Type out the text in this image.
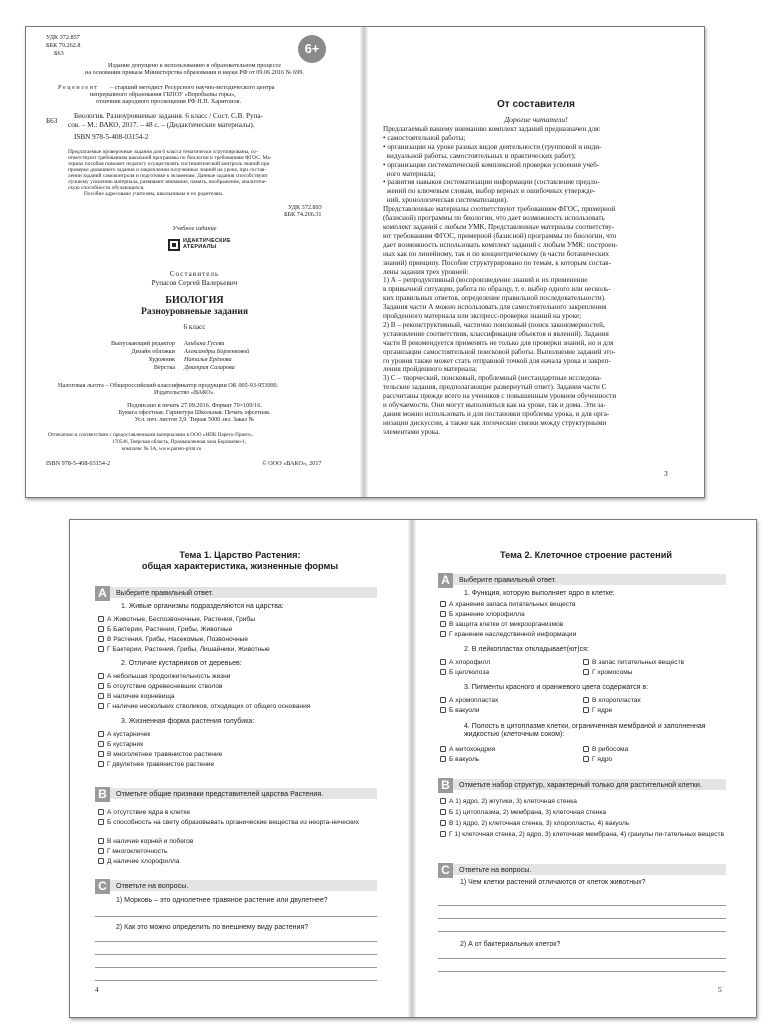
УДК 372.857
ББК 79.262.8
Б63	6+
Издание допущено к использованию в образовательном процессе
на основании приказа Министерства образования и науки РФ от 09.06.2016 № 699.
Р е ц е н з е н т – старший методист Ресурсного научно-методического центра
непрерывного образования ГБПОУ «Воробьевы горы»,
отличник народного просвещения РФ Н.П. Харитонов.
Б63
Биология. Разноуровневые задания. 6 класс / Сост. С.В. Рупа-
сов. – М.: ВАКО, 2017. – 48 с. – (Дидактические материалы).
ISBN 978-5-408-03154-2
Предлагаемые проверочные задания для 6 класса тематически сгруппированы, со-
ответствуют требованиям школьной программы по биологии и требованиям ФГОС. Ма-
териал пособия поможет педагогу осуществлять систематический контроль знаний при
проверке домашнего задания и закреплении полученных знаний на уроке, при состав-
лении заданий самоконтроля и подготовке к экзаменам. Данные задания способствуют
лучшему усвоению материала, развивают внимание, память, воображение, аналитиче-
скую способности обучающихся.
Пособие адресовано учителям, школьникам и их родителям.
УДК 372.893
ББК 74.266.31
Учебное издание
ИДАКТИЧЕСКИЕ
АТЕРИАЛЫ
Составитель
Рупасов Сергей Валерьевич
БИОЛОГИЯ
Разноуровневые задания
6 класс
Выпускающий редактор Альбина Гусева
Дизайн обложки Александры Борзенковой
Художник Наталья Ерёмова
Вёрстка Дмитрия Сазарова
Налоговая льгота – Общероссийский классификатор продукции ОК 005-93-953000.
Издательство «ВАКО»
Подписано в печать 27.09.2016. Формат 70×100/16.
Бумага офсетная. Гарнитура Школьная. Печать офсетная.
Усл. печ. листов 3,9. Тираж 5000 экз. Заказ №
Отпечатано в соответствии с предоставленными материалами в ООО «ИПК Парето-Принт».
170546, Тверская область, Промышленная зона Боровлево-1,
комплекс № 3А, www.pareto-print.ru
ISBN 978-5-408-03154-2	© ООО «ВАКО», 2017
От составителя
Дорогие читатели!
Предлагаемый вашему вниманию комплект заданий предназначен для:
• самостоятельной работы;
• организации на уроке разных видов деятельности (групповой и инди-
видуальной работы, самостоятельных и практических работ);
• организации систематической комплексной проверки усвоения учеб-
ного материала;
• развития навыков систематизации информации (составление предло-
жений по ключевым словам, выбор верных и ошибочных утвержде-
ний, хронологическая систематизация).
Представленные материалы соответствуют требованиям ФГОС, примерной
(базисной) программы по биологии, что дает возможность использовать
комплект заданий с любым УМК. Представленные материалы соответству-
ют требованиям ФГОС, примерной (базисной) программы по биологии, что
дает возможность использовать комплект заданий с любым УМК: построен-
ных как по линейному, так и по концентрическому (в части ботанических
знаний) принципу. Пособие структурировано по темам, к которым состав-
лены задания трех уровней:
1) А – репродуктивный (воспроизведение знаний и их применение
в привычной ситуации, работа по образцу, т. е. выбор одного или несколь-
ких правильных ответов, определение правильной последовательности).
Задания части А можно использовать для самостоятельного закрепления
пройденного материала или экспресс-проверки знаний на уроке;
2) В – реконструктивный, частично поисковый (поиск закономерностей,
установление соответствия, классификация объектов и явлений). Задания
части В рекомендуется применять не только для проверки знаний, но и для
организации самостоятельной поисковой работы. Выполнение заданий это-
го уровня также может стать отправной точкой для начала урока и закреп-
ления пройденного материала;
3) С – творческий, поисковый, проблемный (нестандартные исследова-
тельские задания, предполагающие развернутый ответ). Задания части С
рассчитаны прежде всего на учеников с повышенным уровнем обученности
и обучаемости. Они могут выполняться как на уроке, так и дома. Эти за-
дания можно использовать и для постановки проблемы урока, и для орга-
низации дискуссии, а также как логические связки между структурными
элементами урока.
3
Тема 1. Царство Растения:
общая характеристика, жизненные формы
A	Выберите правильный ответ.
1. Живые организмы подразделяются на царства:
А Животные, Беспозвоночные, Растения, Грибы
Б Бактерии, Растения, Грибы, Животные
В Растения, Грибы, Насекомые, Позвоночные
Г Бактерии, Растения, Грибы, Лишайники, Животные
2. Отличие кустарников от деревьев:
А небольшая продолжительность жизни
Б отсутствие одревесневших стволов
В наличие корневища
Г наличие нескольких стволиков, отходящих от общего основания
3. Жизненная форма растения голубика:
А кустарничек
Б кустарник
В многолетнее травянистое растение
Г двулетнее травянистое растение
B	Отметьте общие признаки представителей царства Растения.
А отсутствие ядра в клетке
Б способность на свету образовывать органические вещества из неорга-нических
В наличие корней и побегов
Г многоклеточность
Д наличие хлорофилла
C	Ответьте на вопросы.
1) Морковь – это однолетнее травяное растение или двулетнее?
2) Как это можно определить по внешнему виду растения?
4
Тема 2. Клеточное строение растений
A	Выберите правильный ответ.
1. Функция, которую выполняет ядро в клетке:
А хранение запаса питательных веществ
Б хранение хлорофилла
В защита клетки от микроорганизмов
Г хранение наследственной информации
2. В лейкопластах откладывает(ют)ся:
А хлорофилл	В запас питательных веществ
Б целлюлоза	Г хромосомы
3. Пигменты красного и оранжевого цвета содержатся в:
А хромопластах	В хлоропластах
Б вакуоли	Г ядре
4. Полость в цитоплазме клетки, ограниченная мембраной и заполненная жидкостью (клеточным соком):
А митохондрия	В рибосома
Б вакуоль	Г ядро
B	Отметьте набор структур, характерный только для растительной клетки.
А 1) ядро, 2) жгутики, 3) клеточная стенка
Б 1) цитоплазма, 2) мембрана, 3) клеточная стенка
В 1) ядро, 2) клеточная стенка, 3) хлоропласты, 4) вакуоль
Г 1) клеточная стенка, 2) ядро, 3) клеточная мембрана, 4) гранулы пи-тательных веществ
C	Ответьте на вопросы.
1) Чем клетки растений отличаются от клеток животных?
2) А от бактериальных клеток?
5
